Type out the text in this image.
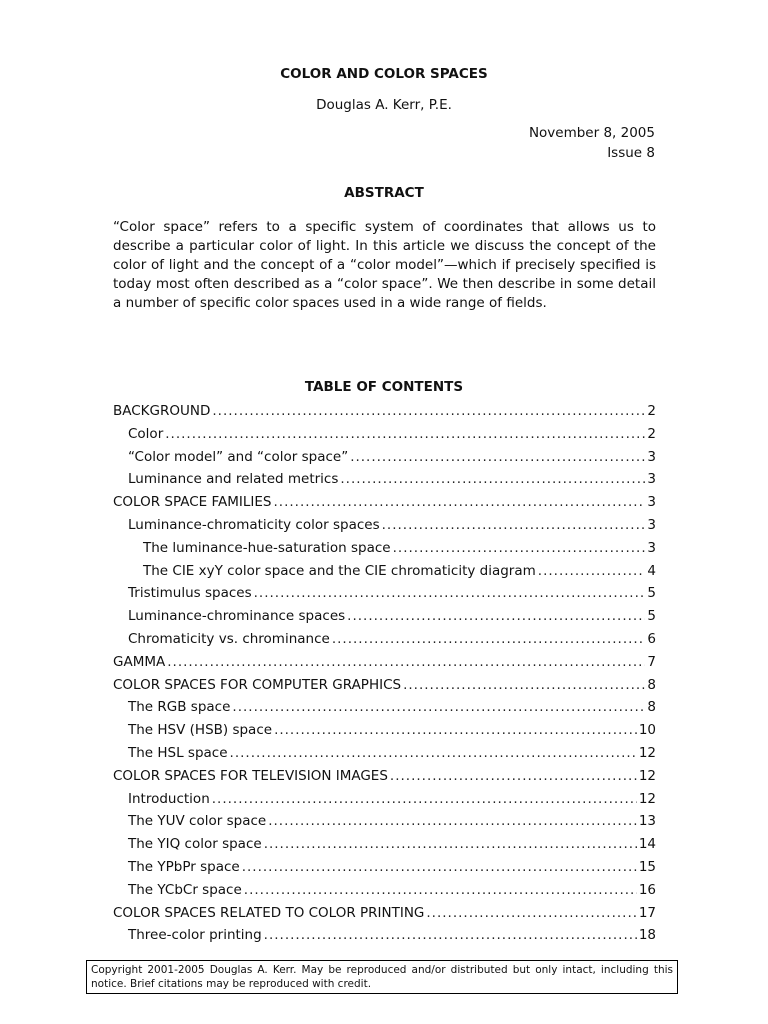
COLOR AND COLOR SPACES
Douglas A. Kerr, P.E.
November 8, 2005
Issue 8
ABSTRACT

“Color space” refers to a specific system of coordinates that allows us to describe a particular color of light. In this article we discuss the concept of the color of light and the concept of a “color model”—which if precisely specified is today most often described as a “color space”. We then describe in some detail a number of specific color spaces used in a wide range of fields.

TABLE OF CONTENTS
BACKGROUND .....	2
Color .....	2
“Color model” and “color space” .....	3
Luminance and related metrics .....	3
COLOR SPACE FAMILIES .....	3
Luminance-chromaticity color spaces .....	3
The luminance-hue-saturation space .....	3
The CIE xyY color space and the CIE chromaticity diagram .....	4
Tristimulus spaces .....	5
Luminance-chrominance spaces .....	5
Chromaticity vs. chrominance .....	6
GAMMA .....	7
COLOR SPACES FOR COMPUTER GRAPHICS .....	8
The RGB space .....	8
The HSV (HSB) space .....	10
The HSL space .....	12
COLOR SPACES FOR TELEVISION IMAGES .....	12
Introduction .....	12
The YUV color space .....	13
The YIQ color space .....	14
The YPbPr space .....	15
The YCbCr space .....	16
COLOR SPACES RELATED TO COLOR PRINTING .....	17
Three-color printing .....	18
Copyright 2001-2005 Douglas A. Kerr. May be reproduced and/or distributed but only intact, including this notice. Brief citations may be reproduced with credit.
